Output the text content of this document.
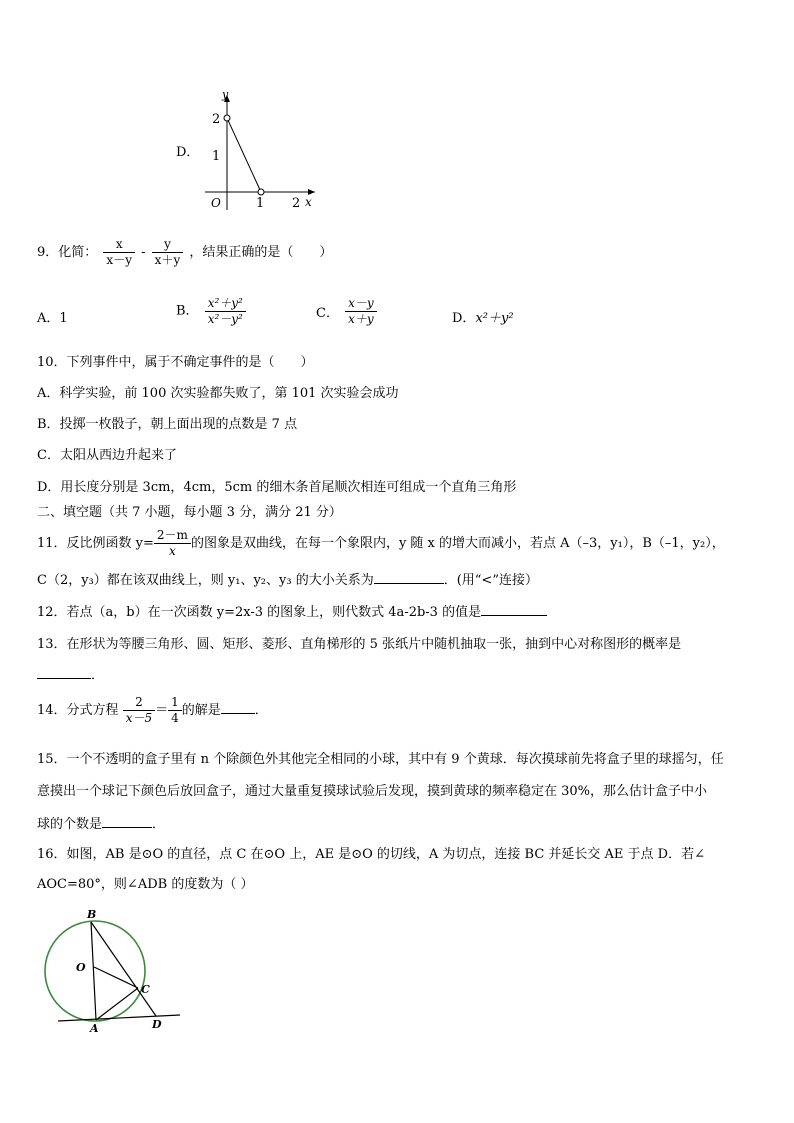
D．
y
x
O
2
1
1 2
9．化简： $\frac{x}{x-y} - \frac{y}{x+y}$ ，结果正确的是（　　）
A．1	B． $\frac{\text{x²＋y²}}{\text{x²－y²}}$	C． $\frac{x-y}{x+y}$	D．x²＋y²
10．下列事件中，属于不确定事件的是（　　）
A．科学实验，前 100 次实验都失败了，第 101 次实验会成功
B．投掷一枚骰子，朝上面出现的点数是 7 点
C．太阳从西边升起来了
D．用长度分别是 3cm，4cm，5cm 的细木条首尾顺次相连可组成一个直角三角形
二、填空题（共 7 小题，每小题 3 分，满分 21 分）
11．反比例函数 $y= \frac{2-m}{x}$ 的图象是双曲线，在每一个象限内，y 随 x 的增大而减小，若点 A（–3，y₁），B（–1，y₂），
C（2，y₃）都在该双曲线上，则 y₁、y₂、y₃ 的大小关系为	．(用“<”连接）
12．若点（a，b）在一次函数 y=2x-3 的图象上，则代数式 4a-2b-3 的值是
13．在形状为等腰三角形、圆、矩形、菱形、直角梯形的 5 张纸片中随机抽取一张，抽到中心对称图形的概率是
．
14．分式方程 $\frac{2}{x-5} = \frac{1}{4}$ 的解是	．
15．一个不透明的盒子里有 n 个除颜色外其他完全相同的小球，其中有 9 个黄球．每次摸球前先将盒子里的球摇匀，任
意摸出一个球记下颜色后放回盒子，通过大量重复摸球试验后发现，摸到黄球的频率稳定在 30%，那么估计盒子中小
球的个数是	．
16．如图，AB 是⊙O 的直径，点 C 在⊙O 上，AE 是⊙O 的切线，A 为切点，连接 BC 并延长交 AE 于点 D．若∠
AOC=80°，则∠ADB 的度数为（ ）
B
O
C
A	D
